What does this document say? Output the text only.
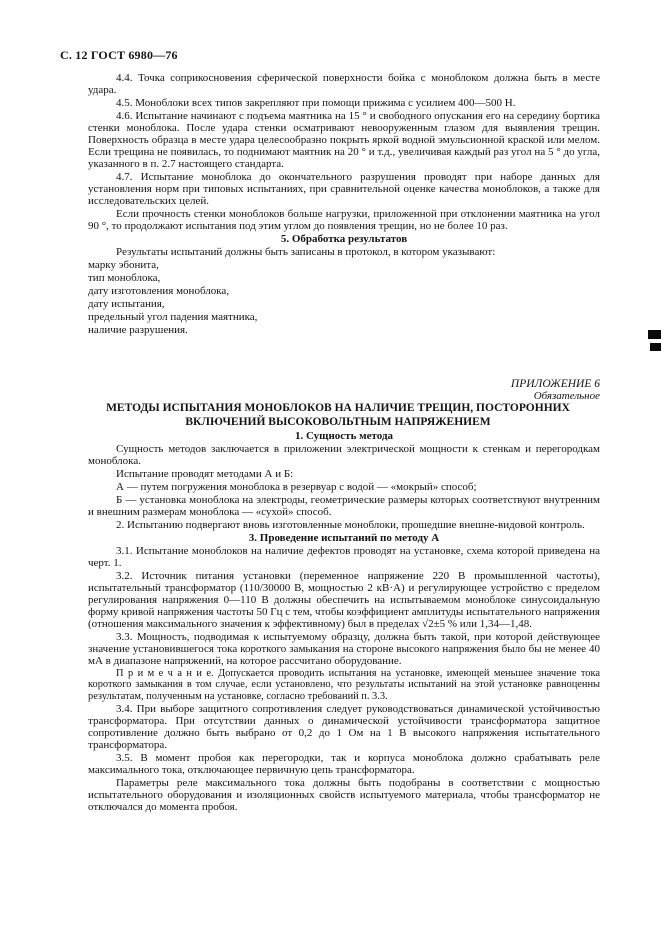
С. 12 ГОСТ 6980—76

4.4. Точка соприкосновения сферической поверхности бойка с моноблоком должна быть в месте удара.

4.5. Моноблоки всех типов закрепляют при помощи прижима с усилием 400—500 Н.

4.6. Испытание начинают с подъема маятника на 15 ° и свободного опускания его на середину бортика стенки моноблока. После удара стенки осматривают невооруженным глазом для выявления трещин. Поверхность образца в месте удара целесообразно покрыть яркой водной эмульсионной краской или мелом. Если трещина не появилась, то поднимают маятник на 20 ° и т.д., увеличивая каждый раз угол на 5 ° до угла, указанного в п. 2.7 настоящего стандарта.

4.7. Испытание моноблока до окончательного разрушения проводят при наборе данных для установления норм при типовых испытаниях, при сравнительной оценке качества моноблоков, а также для исследовательских целей.

Если прочность стенки моноблоков больше нагрузки, приложенной при отклонении маятника на угол 90 °, то продолжают испытания под этим углом до появления трещин, но не более 10 раз.

5. Обработка результатов

Результаты испытаний должны быть записаны в протокол, в котором указывают:

марку эбонита,

тип моноблока,

дату изготовления моноблока,

дату испытания,

предельный угол падения маятника,

наличие разрушения.

ПРИЛОЖЕНИЕ 6
Обязательное

МЕТОДЫ ИСПЫТАНИЯ МОНОБЛОКОВ НА НАЛИЧИЕ ТРЕЩИН, ПОСТОРОННИХ ВКЛЮЧЕНИЙ ВЫСОКОВОЛЬТНЫМ НАПРЯЖЕНИЕМ

1. Сущность метода

Сущность методов заключается в приложении электрической мощности к стенкам и перегородкам моноблока.

Испытание проводят методами А и Б:

А — путем погружения моноблока в резервуар с водой — «мокрый» способ;

Б — установка моноблока на электроды, геометрические размеры которых соответствуют внутренним и внешним размерам моноблока — «сухой» способ.

2. Испытанию подвергают вновь изготовленные моноблоки, прошедшие внешне-видовой контроль.

3. Проведение испытаний по методу А

3.1. Испытание моноблоков на наличие дефектов проводят на установке, схема которой приведена на черт. 1.

3.2. Источник питания установки (переменное напряжение 220 В промышленной частоты), испытательный трансформатор (110/30000 В, мощностью 2 кВ·А) и регулирующее устройство с пределом регулирования напряжения 0—110 В должны обеспечить на испытываемом моноблоке синусоидальную форму кривой напряжения частоты 50 Гц с тем, чтобы коэффициент амплитуды испытательного напряжения (отношения максимального значения к эффективному) был в пределах √2±5 % или 1,34—1,48.

3.3. Мощность, подводимая к испытуемому образцу, должна быть такой, при которой действующее значение установившегося тока короткого замыкания на стороне высокого напряжения было бы не менее 40 мА в диапазоне напряжений, на которое рассчитано оборудование.

П р и м е ч а н и е. Допускается проводить испытания на установке, имеющей меньшее значение тока короткого замыкания в том случае, если установлено, что результаты испытаний на этой установке равноценны результатам, полученным на установке, согласно требований п. 3.3.

3.4. При выборе защитного сопротивления следует руководствоваться динамической устойчивостью трансформатора. При отсутствии данных о динамической устойчивости трансформатора защитное сопротивление должно быть выбрано от 0,2 до 1 Ом на 1 В высокого напряжения испытательного трансформатора.

3.5. В момент пробоя как перегородки, так и корпуса моноблока должно срабатывать реле максимального тока, отключающее первичную цепь трансформатора.

Параметры реле максимального тока должны быть подобраны в соответствии с мощностью испытательного оборудования и изоляционных свойств испытуемого материала, чтобы трансформатор не отключался до момента пробоя.
